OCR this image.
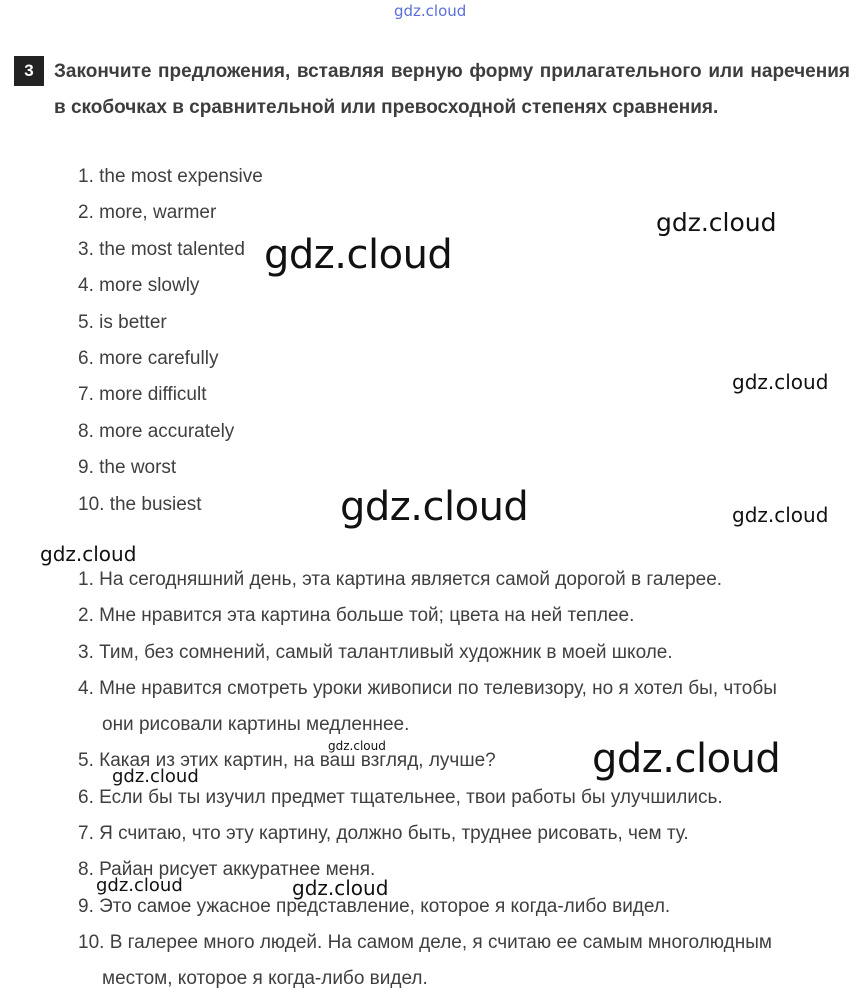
gdz.cloud
3	Закончите предложения, вставляя верную форму прилагательного или наречения в скобочках в сравнительной или превосходной степенях сравнения.

1. the most expensive
2. more, warmer
3. the most talented
4. more slowly
5. is better
6. more carefully
7. more difficult
8. more accurately
9. the worst
10. the busiest
1. На сегодняшний день, эта картина является самой дорогой в галерее.
2. Мне нравится эта картина больше той; цвета на ней теплее.
3. Тим, без сомнений, самый талантливый художник в моей школе.
4. Мне нравится смотреть уроки живописи по телевизору, но я хотел бы, чтобы
они рисовали картины медленнее.
5. Какая из этих картин, на ваш взгляд, лучше?
6. Если бы ты изучил предмет тщательнее, твои работы бы улучшились.
7. Я считаю, что эту картину, должно быть, труднее рисовать, чем ту.
8. Райан рисует аккуратнее меня.
9. Это самое ужасное представление, которое я когда-либо видел.
10. В галерее много людей. На самом деле, я считаю ее самым многолюдным
местом, которое я когда-либо видел.
gdz.cloud
gdz.cloud
gdz.cloud
gdz.cloud	gdz.cloud
gdz.cloud
gdz.cloud	gdz.cloud
gdz.cloud
gdz.cloud	gdz.cloud
